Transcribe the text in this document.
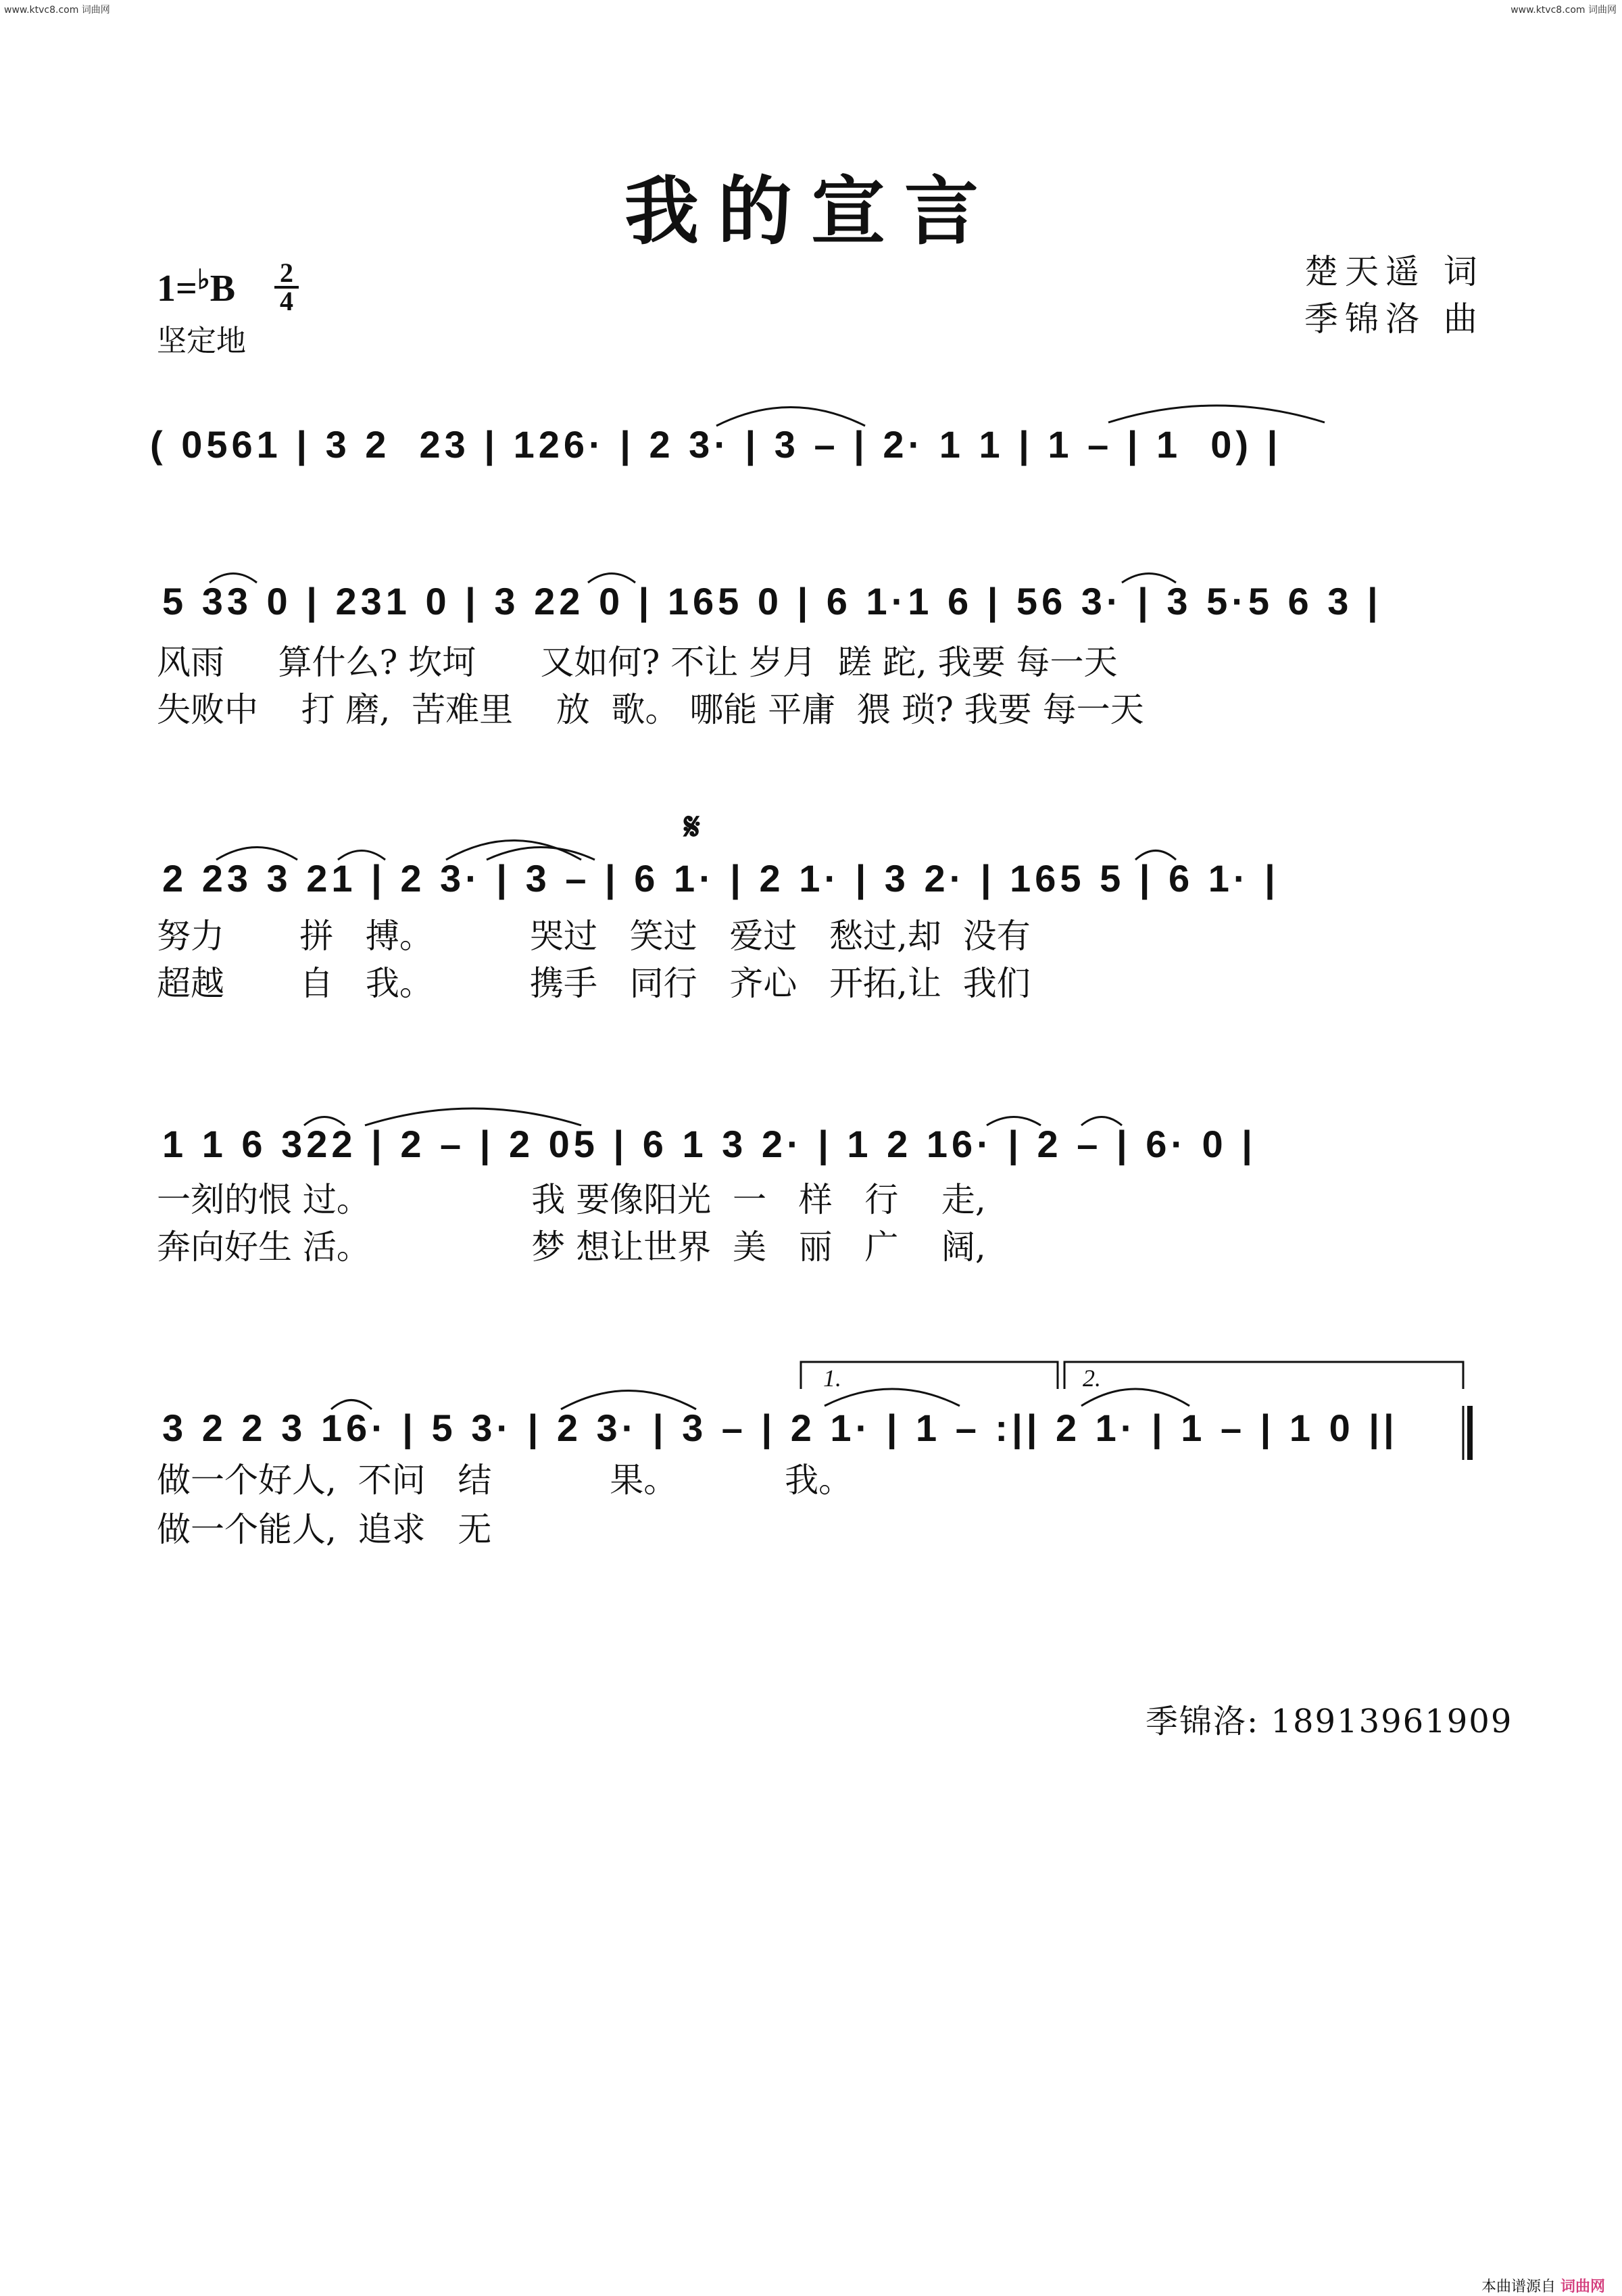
www.ktvc8.com 词曲网	www.ktvc8.com 词曲网
我的宣言
楚天遥 词
季锦洛 曲
1=♭B 2
4
坚定地
𝄋
( 0561 | 3 2  23 | 126· | 2 3· | 3 – | 2· 1 1 | 1 – | 1  0) |
5 33 0 | 231 0 | 3 22 0 | 165 0 | 6 1·1 6 | 56 3· | 3 5·5 6 3 |
风雨     算什么? 坎坷      又如何? 不让 岁月  蹉 跎, 我要 每一天
失败中    打 磨,  苦难里    放  歌。 哪能 平庸  猥 琐? 我要 每一天
2 23 3 21 | 2 3· | 3 – | 6 1· | 2 1· | 3 2· | 165 5 | 6 1· |
努力       拼   搏。         哭过   笑过   爱过   愁过,却  没有
超越       自   我。         携手   同行   齐心   开拓,让  我们
1 1 6 322 | 2 – | 2 05 | 6 1 3 2· | 1 2 16· | 2 – | 6· 0 |
一刻的恨 过。               我 要像阳光  一   样   行    走,
奔向好生 活。               梦 想让世界  美   丽   广    阔,
3 2 2 3 16· | 5 3· | 2 3· | 3 – | 2 1· | 1 – :|| 2 1· | 1 – | 1 0 ||
做一个好人,  不问   结           果。          我。
做一个能人,  追求   无
1.	2.
季锦洛: 18913961909
本曲谱源自 词曲网
